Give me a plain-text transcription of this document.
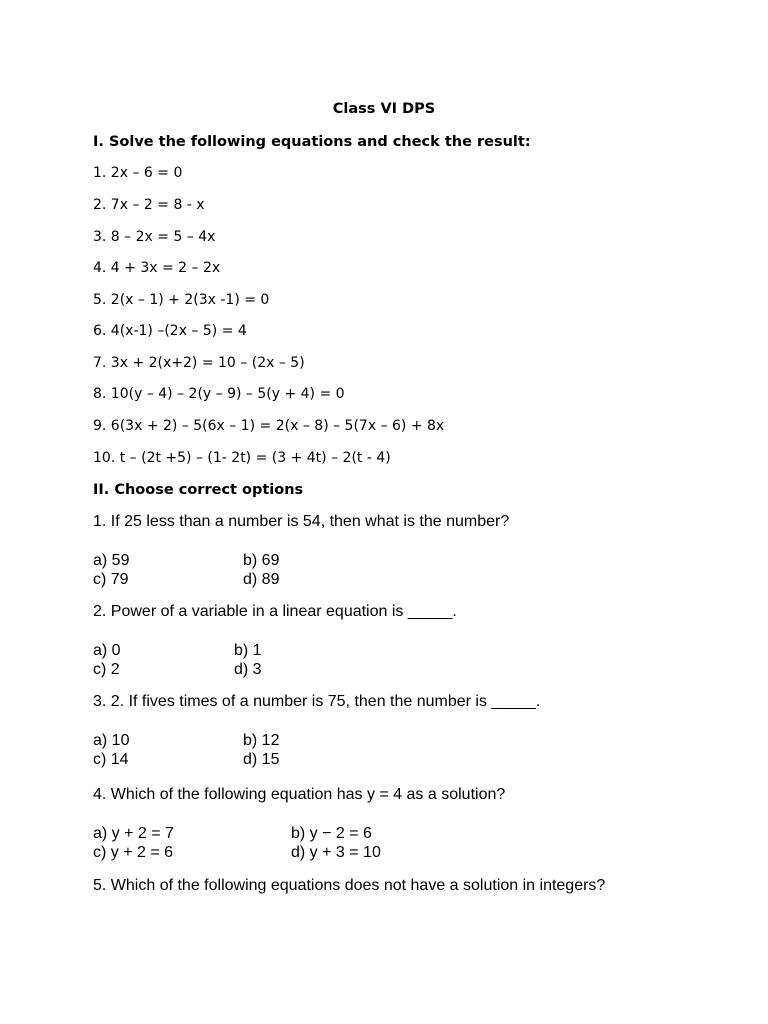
Class VI DPS
I. Solve the following equations and check the result:
1. 2x – 6 = 0
2. 7x – 2 = 8 - x
3. 8 – 2x = 5 – 4x
4. 4 + 3x = 2 – 2x
5. 2(x – 1) + 2(3x -1) = 0
6. 4(x-1) –(2x – 5) = 4
7. 3x + 2(x+2) = 10 – (2x – 5)
8. 10(y – 4) – 2(y – 9) – 5(y + 4) = 0
9. 6(3x + 2) – 5(6x – 1) = 2(x – 8) – 5(7x – 6) + 8x
10. t – (2t +5) – (1- 2t) = (3 + 4t) – 2(t - 4)
II. Choose correct options
1. If 25 less than a number is 54, then what is the number?
a) 59	b) 69
c) 79	d) 89
2. Power of a variable in a linear equation is _____.
a) 0	b) 1
c) 2	d) 3
3. 2. If fives times of a number is 75, then the number is _____.
a) 10	b) 12
c) 14	d) 15
4. Which of the following equation has y = 4 as a solution?
a) y + 2 = 7	b) y − 2 = 6
c) y + 2 = 6	d) y + 3 = 10
5. Which of the following equations does not have a solution in integers?
